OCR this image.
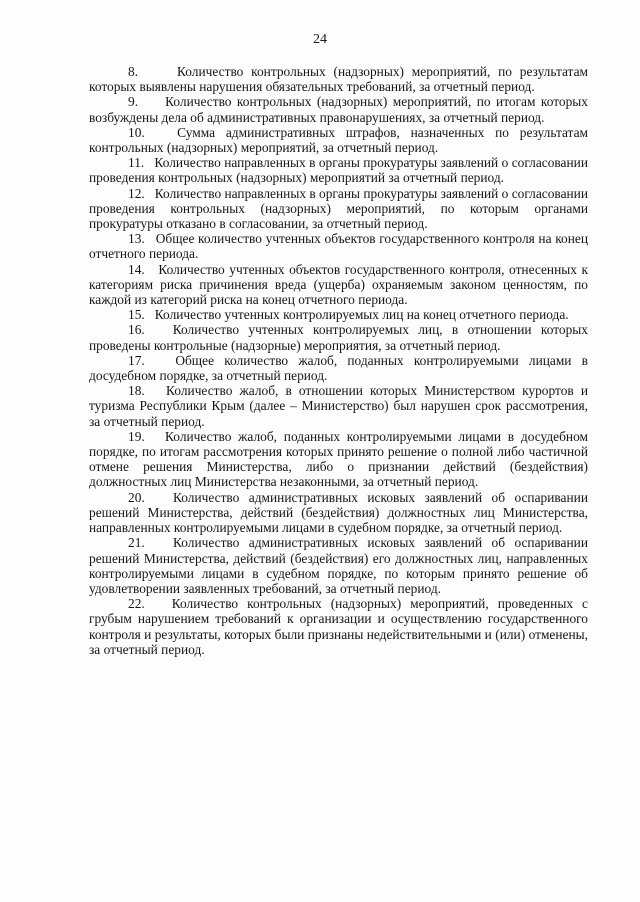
24

8.     Количество контрольных (надзорных) мероприятий, по результатам которых выявлены нарушения обязательных требований, за отчетный период.

9.     Количество контрольных (надзорных) мероприятий, по итогам которых возбуждены дела об административных правонарушениях, за отчетный период.

10.   Сумма административных штрафов, назначенных по результатам контрольных (надзорных) мероприятий, за отчетный период.

11.   Количество направленных в органы прокуратуры заявлений о согласовании проведения контрольных (надзорных) мероприятий за отчетный период.

12.   Количество направленных в органы прокуратуры заявлений о согласовании проведения контрольных (надзорных) мероприятий, по которым органами прокуратуры отказано в согласовании, за отчетный период.

13.   Общее количество учтенных объектов государственного контроля на конец отчетного периода.

14.   Количество учтенных объектов государственного контроля, отнесенных к категориям риска причинения вреда (ущерба) охраняемым законом ценностям, по каждой из категорий риска на конец отчетного периода.

15.   Количество учтенных контролируемых лиц на конец отчетного периода.

16.   Количество учтенных контролируемых лиц, в отношении которых проведены контрольные (надзорные) мероприятия, за отчетный период.

17.   Общее количество жалоб, поданных контролируемыми лицами в досудебном порядке, за отчетный период.

18.   Количество жалоб, в отношении которых Министерством курортов и туризма Республики Крым (далее – Министерство) был нарушен срок рассмотрения, за отчетный период.

19.   Количество жалоб, поданных контролируемыми лицами в досудебном порядке, по итогам рассмотрения которых принято решение о полной либо частичной отмене решения Министерства, либо о признании действий (бездействия) должностных лиц Министерства незаконными, за отчетный период.

20.   Количество административных исковых заявлений об оспаривании решений Министерства, действий (бездействия) должностных лиц Министерства, направленных контролируемыми лицами в судебном порядке, за отчетный период.

21.   Количество административных исковых заявлений об оспаривании решений Министерства, действий (бездействия) его должностных лиц, направленных контролируемыми лицами в судебном порядке, по которым принято решение об удовлетворении заявленных требований, за отчетный период.

22.   Количество контрольных (надзорных) мероприятий, проведенных с грубым нарушением требований к организации и осуществлению государственного контроля и результаты, которых были признаны недействительными и (или) отменены, за отчетный период.
